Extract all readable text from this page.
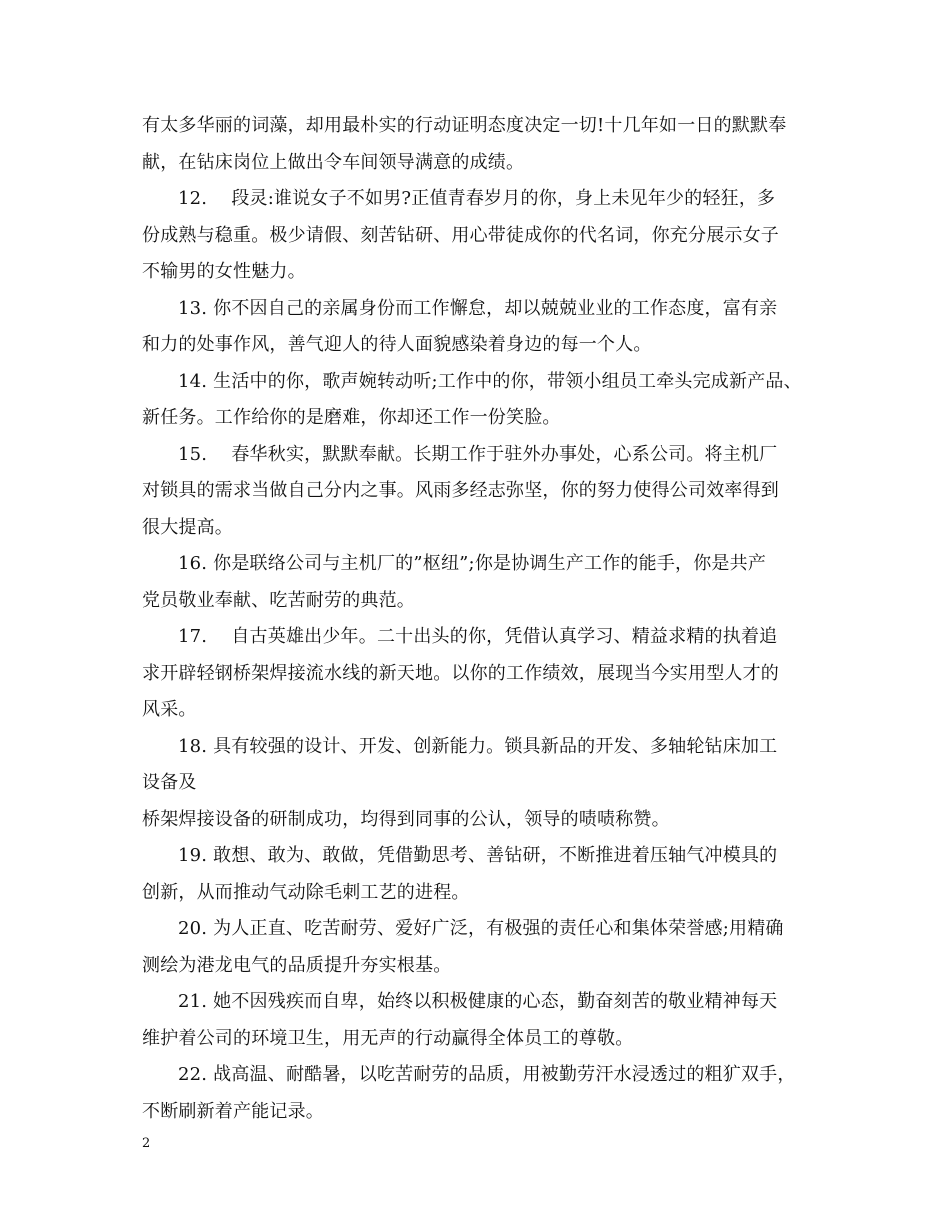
有太多华丽的词藻，却用最朴实的行动证明态度决定一切!十几年如一日的默默奉

献，在钻床岗位上做出令车间领导满意的成绩。

12.　 段灵:谁说女子不如男?正值青春岁月的你，身上未见年少的轻狂，多

份成熟与稳重。极少请假、刻苦钻研、用心带徒成你的代名词，你充分展示女子

不输男的女性魅力。

13. 你不因自己的亲属身份而工作懈怠，却以兢兢业业的工作态度，富有亲

和力的处事作风，善气迎人的待人面貌感染着身边的每一个人。

14. 生活中的你，歌声婉转动听;工作中的你，带领小组员工牵头完成新产品、

新任务。工作给你的是磨难，你却还工作一份笑脸。

15.　 春华秋实，默默奉献。长期工作于驻外办事处，心系公司。将主机厂

对锁具的需求当做自己分内之事。风雨多经志弥坚，你的努力使得公司效率得到

很大提高。

16. 你是联络公司与主机厂的”枢纽”;你是协调生产工作的能手，你是共产

党员敬业奉献、吃苦耐劳的典范。

17.　 自古英雄出少年。二十出头的你，凭借认真学习、精益求精的执着追

求开辟轻钢桥架焊接流水线的新天地。以你的工作绩效，展现当今实用型人才的

风采。

18. 具有较强的设计、开发、创新能力。锁具新品的开发、多轴轮钻床加工

设备及

桥架焊接设备的研制成功，均得到同事的公认，领导的啧啧称赞。

19. 敢想、敢为、敢做，凭借勤思考、善钻研，不断推进着压轴气冲模具的

创新，从而推动气动除毛刺工艺的进程。

20. 为人正直、吃苦耐劳、爱好广泛，有极强的责任心和集体荣誉感;用精确

测绘为港龙电气的品质提升夯实根基。

21. 她不因残疾而自卑，始终以积极健康的心态，勤奋刻苦的敬业精神每天

维护着公司的环境卫生，用无声的行动赢得全体员工的尊敬。

22. 战高温、耐酷暑，以吃苦耐劳的品质，用被勤劳汗水浸透过的粗犷双手，

不断刷新着产能记录。

2
